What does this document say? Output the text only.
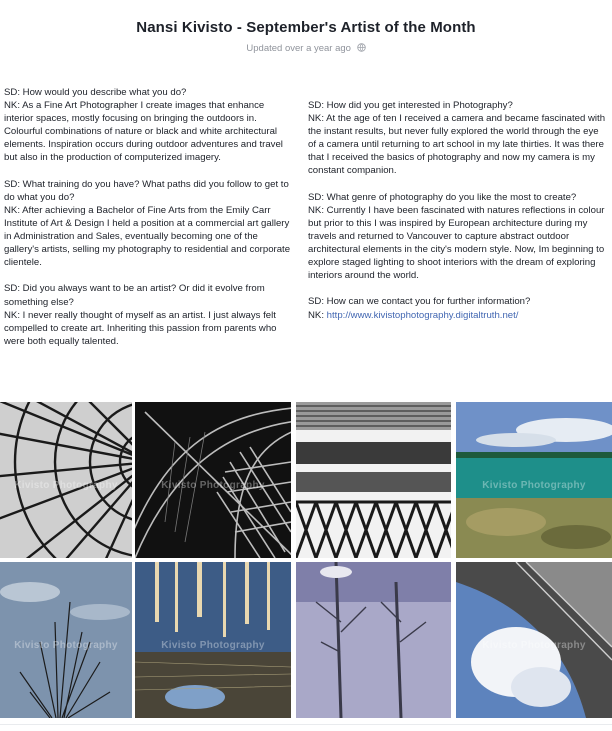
Nansi Kivisto - September's Artist of the Month
Updated over a year ago

SD: How would you describe what you do?

NK: As a Fine Art Photographer I create images that enhance interior spaces, mostly focusing on bringing the outdoors in. Colourful combinations of nature or black and white architectural elements. Inspiration occurs during outdoor adventures and travel but also in the production of computerized imagery.

SD: What training do you have? What paths did you follow to get to do what you do?

NK: After achieving a Bachelor of Fine Arts from the Emily Carr Institute of Art & Design I held a position at a commercial art gallery in Administration and Sales, eventually becoming one of the gallery's artists, selling my photography to residential and corporate clientele.

SD: Did you always want to be an artist? Or did it evolve from something else?

NK: I never really thought of myself as an artist. I just always felt compelled to create art. Inheriting this passion from parents who were both equally talented.

SD: How did you get interested in Photography?

NK: At the age of ten I received a camera and became fascinated with the instant results, but never fully explored the world through the eye of a camera until returning to art school in my late thirties. It was there that I received the basics of photography and now my camera is my constant companion.

SD: What genre of photography do you like the most to create?

NK: Currently I have been fascinated with natures reflections in colour but prior to this I was inspired by European architecture during my travels and returned to Vancouver to capture abstract outdoor architectural elements in the city's modern style. Now, Im beginning to explore staged lighting to shoot interiors with the dream of exploring interiors around the world.

SD: How can we contact you for further information?

NK: http://www.kivistophotography.digitaltruth.net/

Kivisto Photography	Kivisto Photography	Kivisto Photography
Kivisto Photography	Kivisto Photography	Kivisto Photography
